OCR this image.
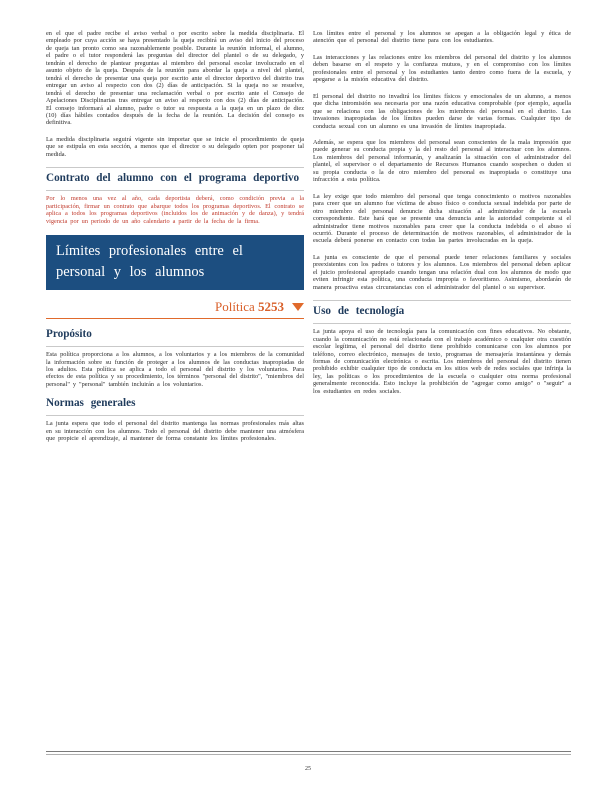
en el que el padre recibe el aviso verbal o por escrito sobre la medida disciplinaria. El empleado por cuya acción se haya presentado la queja recibirá un aviso del inicio del proceso de queja tan pronto como sea razonablemente posible. Durante la reunión informal, el alumno, el padre o el tutor responderá las preguntas del director del plantel o de su delegado, y tendrán el derecho de plantear preguntas al miembro del personal escolar involucrado en el asunto objeto de la queja. Después de la reunión para abordar la queja a nivel del plantel, tendrá el derecho de presentar una queja por escrito ante el director deportivo del distrito tras entregar un aviso al respecto con dos (2) días de anticipación. Si la queja no se resuelve, tendrá el derecho de presentar una reclamación verbal o por escrito ante el Consejo de Apelaciones Disciplinarias tras entregar un aviso al respecto con dos (2) días de anticipación. El consejo informará al alumno, padre o tutor su respuesta a la queja en un plazo de diez (10) días hábiles contados después de la fecha de la reunión. La decisión del consejo es definitiva.

La medida disciplinaria seguirá vigente sin importar que se inicie el procedimiento de queja que se estipula en esta sección, a menos que el director o su delegado opten por posponer tal medida.

Contrato del alumno con el programa deportivo

Por lo menos una vez al año, cada deportista deberá, como condición previa a la participación, firmar un contrato que abarque todos los programas deportivos. El contrato se aplica a todos los programas deportivos (incluidos los de animación y de danza), y tendrá vigencia por un periodo de un año calendario a partir de la fecha de la firma.

Límites profesionales entre el personal y los alumnos
Política 5253
Propósito

Esta política proporciona a los alumnos, a los voluntarios y a los miembros de la comunidad la información sobre su función de proteger a los alumnos de las conductas inapropiadas de los adultos. Esta política se aplica a todo el personal del distrito y los voluntarios. Para efectos de esta política y su procedimiento, los términos "personal del distrito", "miembros del personal" y "personal" también incluirán a los voluntarios.

Normas generales

La junta espera que todo el personal del distrito mantenga las normas profesionales más altas en su interacción con los alumnos. Todo el personal del distrito debe mantener una atmósfera que propicie el aprendizaje, al mantener de forma constante los límites profesionales.

Los límites entre el personal y los alumnos se apegan a la obligación legal y ética de atención que el personal del distrito tiene para con los estudiantes.

Las interacciones y las relaciones entre los miembros del personal del distrito y los alumnos deben basarse en el respeto y la confianza mutuos, y en el compromiso con los límites profesionales entre el personal y los estudiantes tanto dentro como fuera de la escuela, y apegarse a la misión educativa del distrito.

El personal del distrito no invadirá los límites físicos y emocionales de un alumno, a menos que dicha intromisión sea necesaria por una razón educativa comprobable (por ejemplo, aquella que se relaciona con las obligaciones de los miembros del personal en el distrito. Las invasiones inapropiadas de los límites pueden darse de varias formas. Cualquier tipo de conducta sexual con un alumno es una invasión de límites inapropiada.

Además, se espera que los miembros del personal sean conscientes de la mala impresión que puede generar su conducta propia y la del resto del personal al interactuar con los alumnos. Los miembros del personal informarán, y analizarán la situación con el administrador del plantel, el supervisor o el departamento de Recursos Humanos cuando sospechen o duden si su propia conducta o la de otro miembro del personal es inapropiada o constituye una infracción a esta política.

La ley exige que todo miembro del personal que tenga conocimiento o motivos razonables para creer que un alumno fue víctima de abuso físico o conducta sexual indebida por parte de otro miembro del personal denuncie dicha situación al administrador de la escuela correspondiente. Este hará que se presente una denuncia ante la autoridad competente si el administrador tiene motivos razonables para creer que la conducta indebida o el abuso sí ocurrió. Durante el proceso de determinación de motivos razonables, el administrador de la escuela deberá ponerse en contacto con todas las partes involucradas en la queja.

La junta es consciente de que el personal puede tener relaciones familiares y sociales preexistentes con los padres o tutores y los alumnos. Los miembros del personal deben aplicar el juicio profesional apropiado cuando tengan una relación dual con los alumnos de modo que eviten infringir esta política, una conducta impropia o favoritismo. Asimismo, abordarán de manera proactiva estas circunstancias con el administrador del plantel o su supervisor.

Uso de tecnología

La junta apoya el uso de tecnología para la comunicación con fines educativos. No obstante, cuando la comunicación no está relacionada con el trabajo académico o cualquier otra cuestión escolar legítima, el personal del distrito tiene prohibido comunicarse con los alumnos por teléfono, correo electrónico, mensajes de texto, programas de mensajería instantánea y demás formas de comunicación electrónica o escrita. Los miembros del personal del distrito tienen prohibido exhibir cualquier tipo de conducta en los sitios web de redes sociales que infrinja la ley, las políticas o los procedimientos de la escuela o cualquier otra norma profesional generalmente reconocida. Esto incluye la prohibición de "agregar como amigo" o "seguir" a los estudiantes en redes sociales.

25
